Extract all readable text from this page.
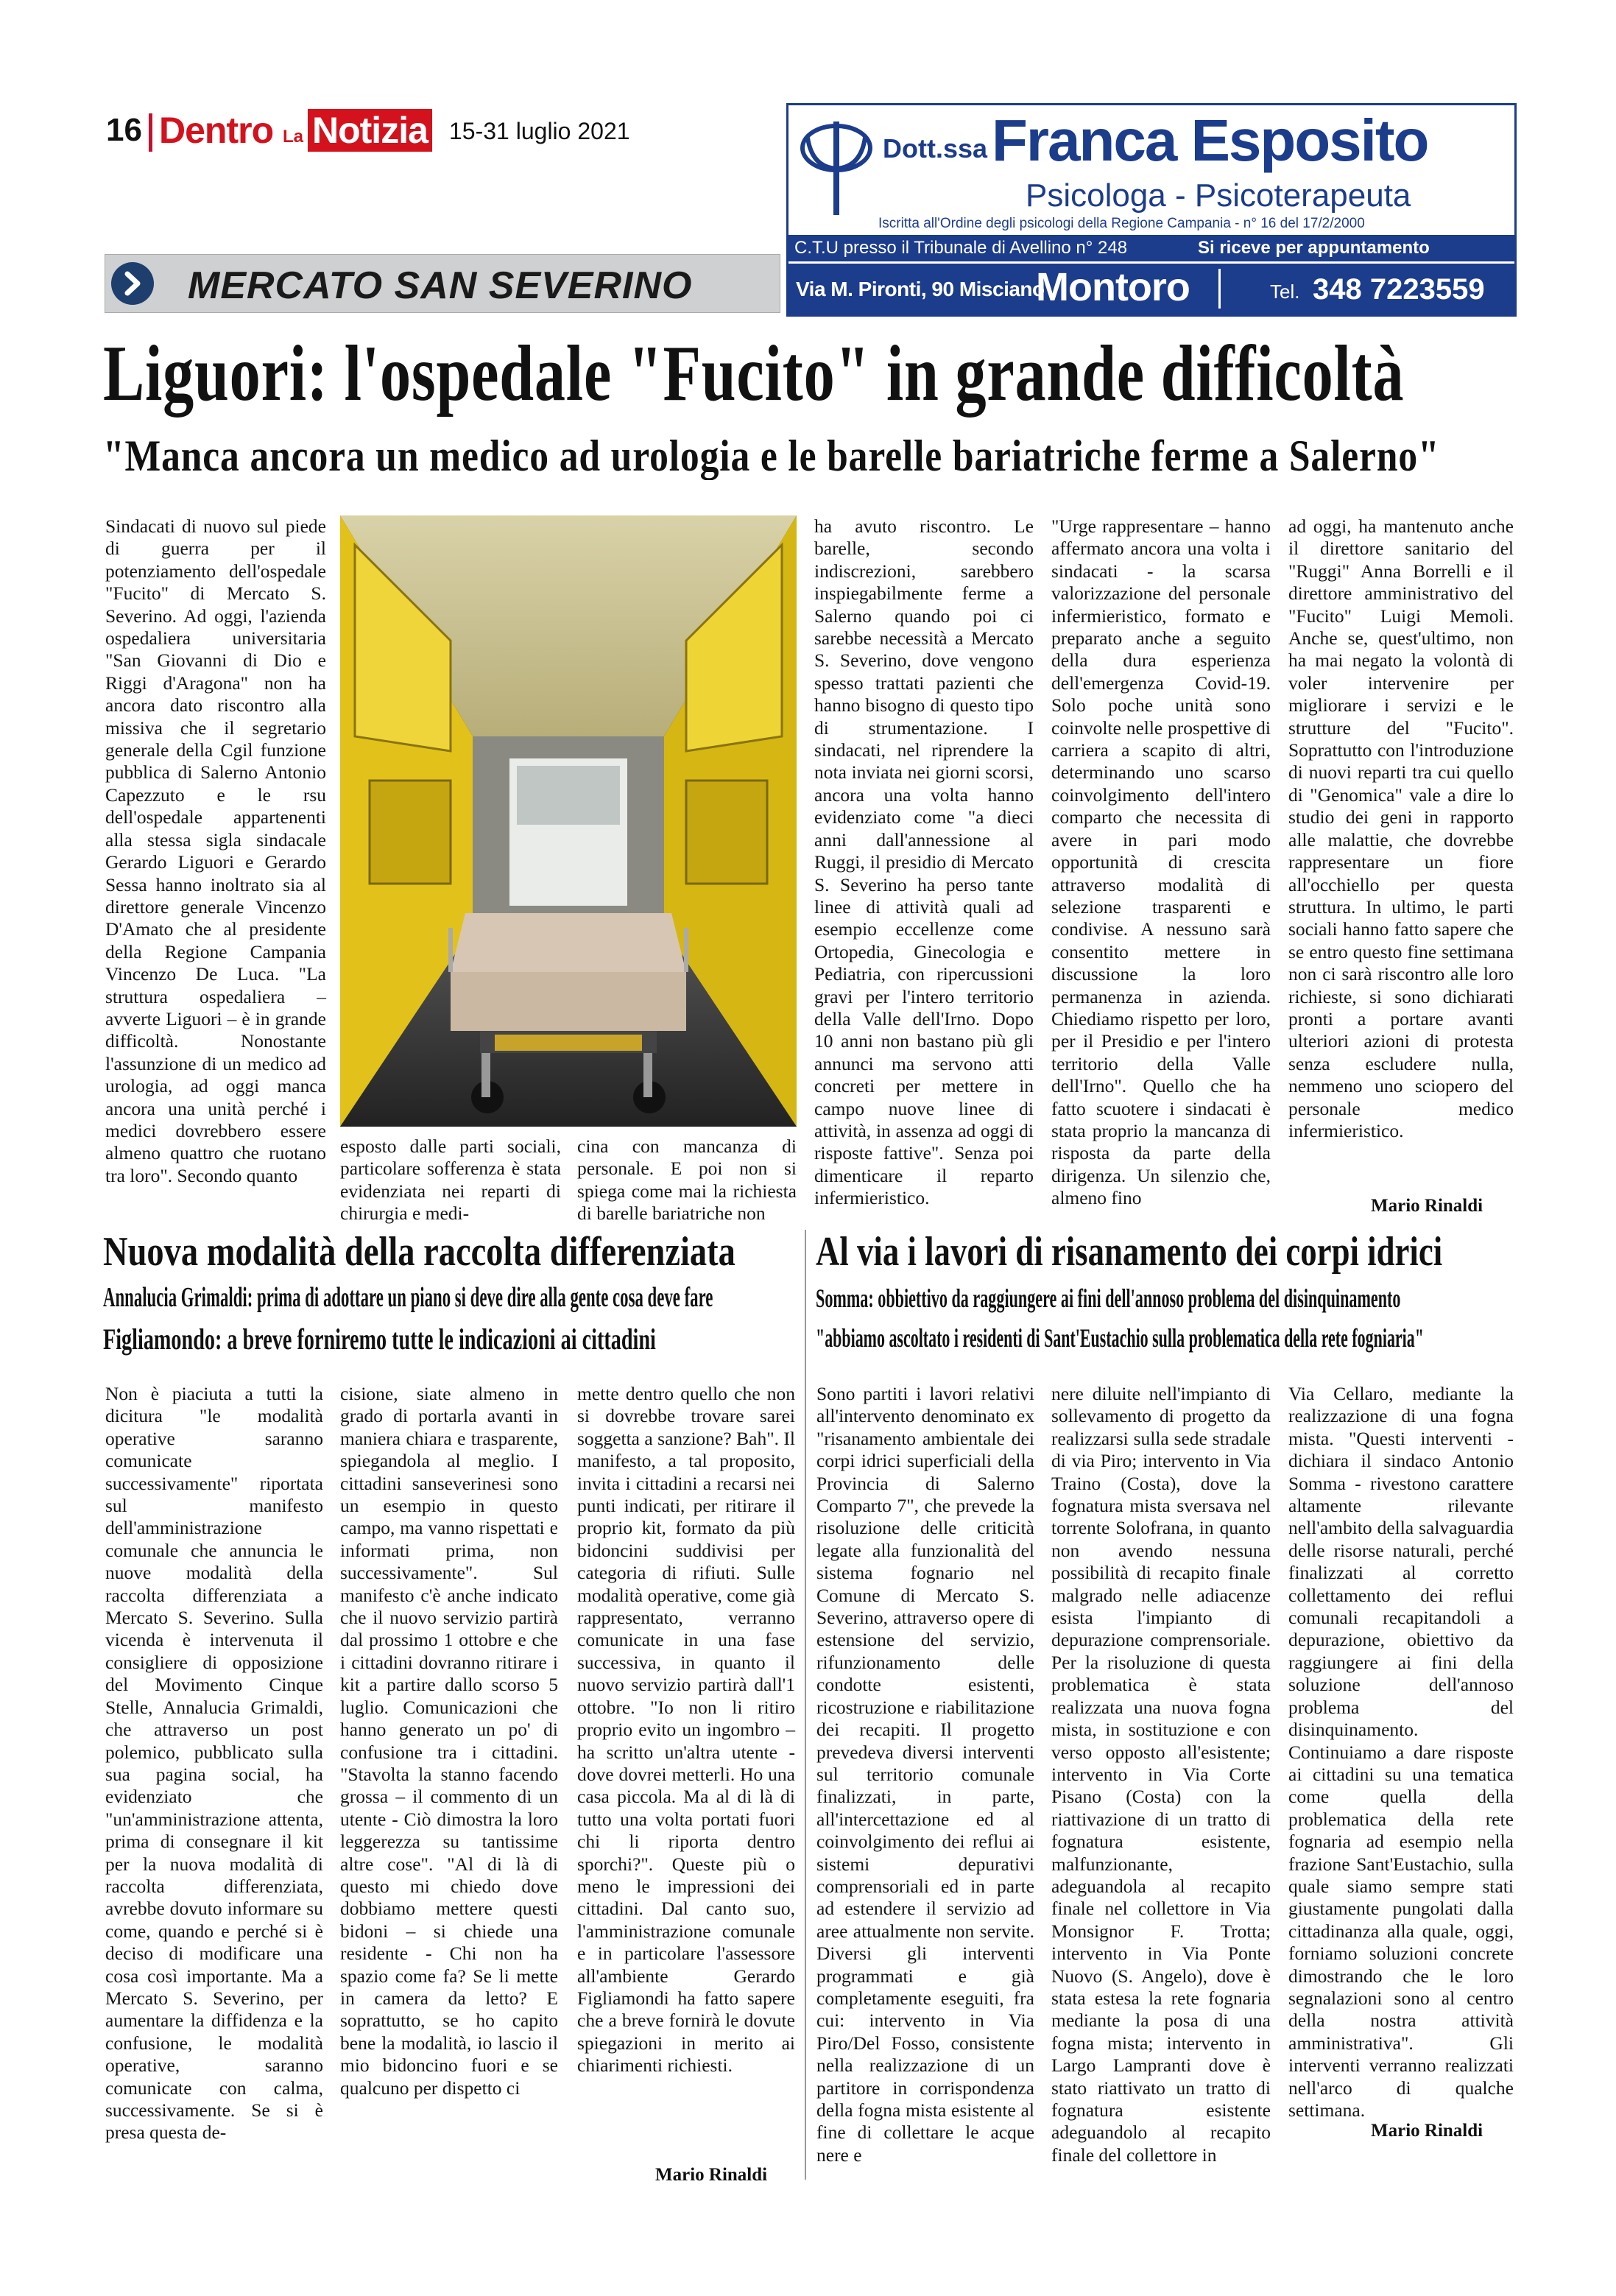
16 Dentro La Notizia 15-31 luglio 2021
MERCATO SAN SEVERINO
Dott.ssa Franca Esposito
Psicologa - Psicoterapeuta
Iscritta all'Ordine degli psicologi della Regione Campania - n° 16 del 17/2/2000
C.T.U presso il Tribunale di Avellino n° 248	Si riceve per appuntamento
Via M. Pironti, 90 Misciano
Montoro	Tel. 348 7223559
Liguori: l'ospedale "Fucito" in grande difficoltà
"Manca ancora un medico ad urologia e le barelle bariatriche ferme a Salerno"

Sindacati di nuovo sul piede di guerra per il potenziamento dell'ospedale "Fucito" di Mercato S. Severino. Ad oggi, l'azienda ospedaliera universitaria "San Giovanni di Dio e Riggi d'Aragona" non ha ancora dato riscontro alla missiva che il segretario generale della Cgil funzione pubblica di Salerno Antonio Capezzuto e le rsu dell'ospedale appartenenti alla stessa sigla sindacale Gerardo Liguori e Gerardo Sessa hanno inoltrato sia al direttore generale Vincenzo D'Amato che al presidente della Regione Campania Vincenzo De Luca. "La struttura ospedaliera – avverte Liguori – è in grande difficoltà. Nonostante l'assunzione di un medico ad urologia, ad oggi manca ancora una unità perché i medici dovrebbero essere almeno quattro che ruotano tra loro". Secondo quanto

esposto dalle parti sociali, particolare sofferenza è stata evidenziata nei reparti di chirurgia e medi-

cina con mancanza di personale. E poi non si spiega come mai la richiesta di barelle bariatriche non

ha avuto riscontro. Le barelle, secondo indiscrezioni, sarebbero inspiegabilmente ferme a Salerno quando poi ci sarebbe necessità a Mercato S. Severino, dove vengono spesso trattati pazienti che hanno bisogno di questo tipo di strumentazione. I sindacati, nel riprendere la nota inviata nei giorni scorsi, ancora una volta hanno evidenziato come "a dieci anni dall'annessione al Ruggi, il presidio di Mercato S. Severino ha perso tante linee di attività quali ad esempio eccellenze come Ortopedia, Ginecologia e Pediatria, con ripercussioni gravi per l'intero territorio della Valle dell'Irno. Dopo 10 anni non bastano più gli annunci ma servono atti concreti per mettere in campo nuove linee di attività, in assenza ad oggi di risposte fattive". Senza poi dimenticare il reparto infermieristico.

"Urge rappresentare – hanno affermato ancora una volta i sindacati - la scarsa valorizzazione del personale infermieristico, formato e preparato anche a seguito della dura esperienza dell'emergenza Covid-19. Solo poche unità sono coinvolte nelle prospettive di carriera a scapito di altri, determinando uno scarso coinvolgimento dell'intero comparto che necessita di avere in pari modo opportunità di crescita attraverso modalità di selezione trasparenti e condivise. A nessuno sarà consentito mettere in discussione la loro permanenza in azienda. Chiediamo rispetto per loro, per il Presidio e per l'intero territorio della Valle dell'Irno". Quello che ha fatto scuotere i sindacati è stata proprio la mancanza di risposta da parte della dirigenza. Un silenzio che, almeno fino

ad oggi, ha mantenuto anche il direttore sanitario del "Ruggi" Anna Borrelli e il direttore amministrativo del "Fucito" Luigi Memoli. Anche se, quest'ultimo, non ha mai negato la volontà di voler intervenire per migliorare i servizi e le strutture del "Fucito". Soprattutto con l'introduzione di nuovi reparti tra cui quello di "Genomica" vale a dire lo studio dei geni in rapporto alle malattie, che dovrebbe rappresentare un fiore all'occhiello per questa struttura. In ultimo, le parti sociali hanno fatto sapere che se entro questo fine settimana non ci sarà riscontro alle loro richieste, si sono dichiarati pronti a portare avanti ulteriori azioni di protesta senza escludere nulla, nemmeno uno sciopero del personale medico infermieristico.

Mario Rinaldi
Nuova modalità della raccolta differenziata
Annalucia Grimaldi: prima di adottare un piano si deve dire alla gente cosa deve fare
Figliamondo: a breve forniremo tutte le indicazioni ai cittadini

Non è piaciuta a tutti la dicitura "le modalità operative saranno comunicate successivamente" riportata sul manifesto dell'amministrazione comunale che annuncia le nuove modalità della raccolta differenziata a Mercato S. Severino. Sulla vicenda è intervenuta il consigliere di opposizione del Movimento Cinque Stelle, Annalucia Grimaldi, che attraverso un post polemico, pubblicato sulla sua pagina social, ha evidenziato che "un'amministrazione attenta, prima di consegnare il kit per la nuova modalità di raccolta differenziata, avrebbe dovuto informare su come, quando e perché si è deciso di modificare una cosa così importante. Ma a Mercato S. Severino, per aumentare la diffidenza e la confusione, le modalità operative, saranno comunicate con calma, successivamente. Se si è presa questa de-

cisione, siate almeno in grado di portarla avanti in maniera chiara e trasparente, spiegandola al meglio. I cittadini sanseverinesi sono un esempio in questo campo, ma vanno rispettati e informati prima, non successivamente". Sul manifesto c'è anche indicato che il nuovo servizio partirà dal prossimo 1 ottobre e che i cittadini dovranno ritirare i kit a partire dallo scorso 5 luglio. Comunicazioni che hanno generato un po' di confusione tra i cittadini. "Stavolta la stanno facendo grossa – il commento di un utente - Ciò dimostra la loro leggerezza su tantissime altre cose". "Al di là di questo mi chiedo dove dobbiamo mettere questi bidoni – si chiede una residente - Chi non ha spazio come fa? Se li mette in camera da letto? E soprattutto, se ho capito bene la modalità, io lascio il mio bidoncino fuori e se qualcuno per dispetto ci

mette dentro quello che non si dovrebbe trovare sarei soggetta a sanzione? Bah". Il manifesto, a tal proposito, invita i cittadini a recarsi nei punti indicati, per ritirare il proprio kit, formato da più bidoncini suddivisi per categoria di rifiuti. Sulle modalità operative, come già rappresentato, verranno comunicate in una fase successiva, in quanto il nuovo servizio partirà dall'1 ottobre. "Io non li ritiro proprio evito un ingombro – ha scritto un'altra utente - dove dovrei metterli. Ho una casa piccola. Ma al di là di tutto una volta portati fuori chi li riporta dentro sporchi?". Queste più o meno le impressioni dei cittadini. Dal canto suo, l'amministrazione comunale e in particolare l'assessore all'ambiente Gerardo Figliamondi ha fatto sapere che a breve fornirà le dovute spiegazioni in merito ai chiarimenti richiesti.

Mario Rinaldi
Al via i lavori di risanamento dei corpi idrici
Somma: obbiettivo da raggiungere ai fini dell'annoso problema del disinquinamento
"abbiamo ascoltato i residenti di Sant'Eustachio sulla problematica della rete fogniaria"

Sono partiti i lavori relativi all'intervento denominato ex "risanamento ambientale dei corpi idrici superficiali della Provincia di Salerno Comparto 7", che prevede la risoluzione delle criticità legate alla funzionalità del sistema fognario nel Comune di Mercato S. Severino, attraverso opere di estensione del servizio, rifunzionamento delle condotte esistenti, ricostruzione e riabilitazione dei recapiti. Il progetto prevedeva diversi interventi sul territorio comunale finalizzati, in parte, all'intercettazione ed al coinvolgimento dei reflui ai sistemi depurativi comprensoriali ed in parte ad estendere il servizio ad aree attualmente non servite. Diversi gli interventi programmati e già completamente eseguiti, fra cui: intervento in Via Piro/Del Fosso, consistente nella realizzazione di un partitore in corrispondenza della fogna mista esistente al fine di collettare le acque nere e

nere diluite nell'impianto di sollevamento di progetto da realizzarsi sulla sede stradale di via Piro; intervento in Via Traino (Costa), dove la fognatura mista sversava nel torrente Solofrana, in quanto non avendo nessuna possibilità di recapito finale malgrado nelle adiacenze esista l'impianto di depurazione comprensoriale. Per la risoluzione di questa problematica è stata realizzata una nuova fogna mista, in sostituzione e con verso opposto all'esistente; intervento in Via Corte Pisano (Costa) con la riattivazione di un tratto di fognatura esistente, malfunzionante, adeguandola al recapito finale nel collettore in Via Monsignor F. Trotta; intervento in Via Ponte Nuovo (S. Angelo), dove è stata estesa la rete fognaria mediante la posa di una fogna mista; intervento in Largo Lampranti dove è stato riattivato un tratto di fognatura esistente adeguandolo al recapito finale del collettore in

Via Cellaro, mediante la realizzazione di una fogna mista. "Questi interventi - dichiara il sindaco Antonio Somma - rivestono carattere altamente rilevante nell'ambito della salvaguardia delle risorse naturali, perché finalizzati al corretto collettamento dei reflui comunali recapitandoli a depurazione, obiettivo da raggiungere ai fini della soluzione dell'annoso problema del disinquinamento. Continuiamo a dare risposte ai cittadini su una tematica come quella della problematica della rete fognaria ad esempio nella frazione Sant'Eustachio, sulla quale siamo sempre stati giustamente pungolati dalla cittadinanza alla quale, oggi, forniamo soluzioni concrete dimostrando che le loro segnalazioni sono al centro della nostra attività amministrativa". Gli interventi verranno realizzati nell'arco di qualche settimana.

Mario Rinaldi
